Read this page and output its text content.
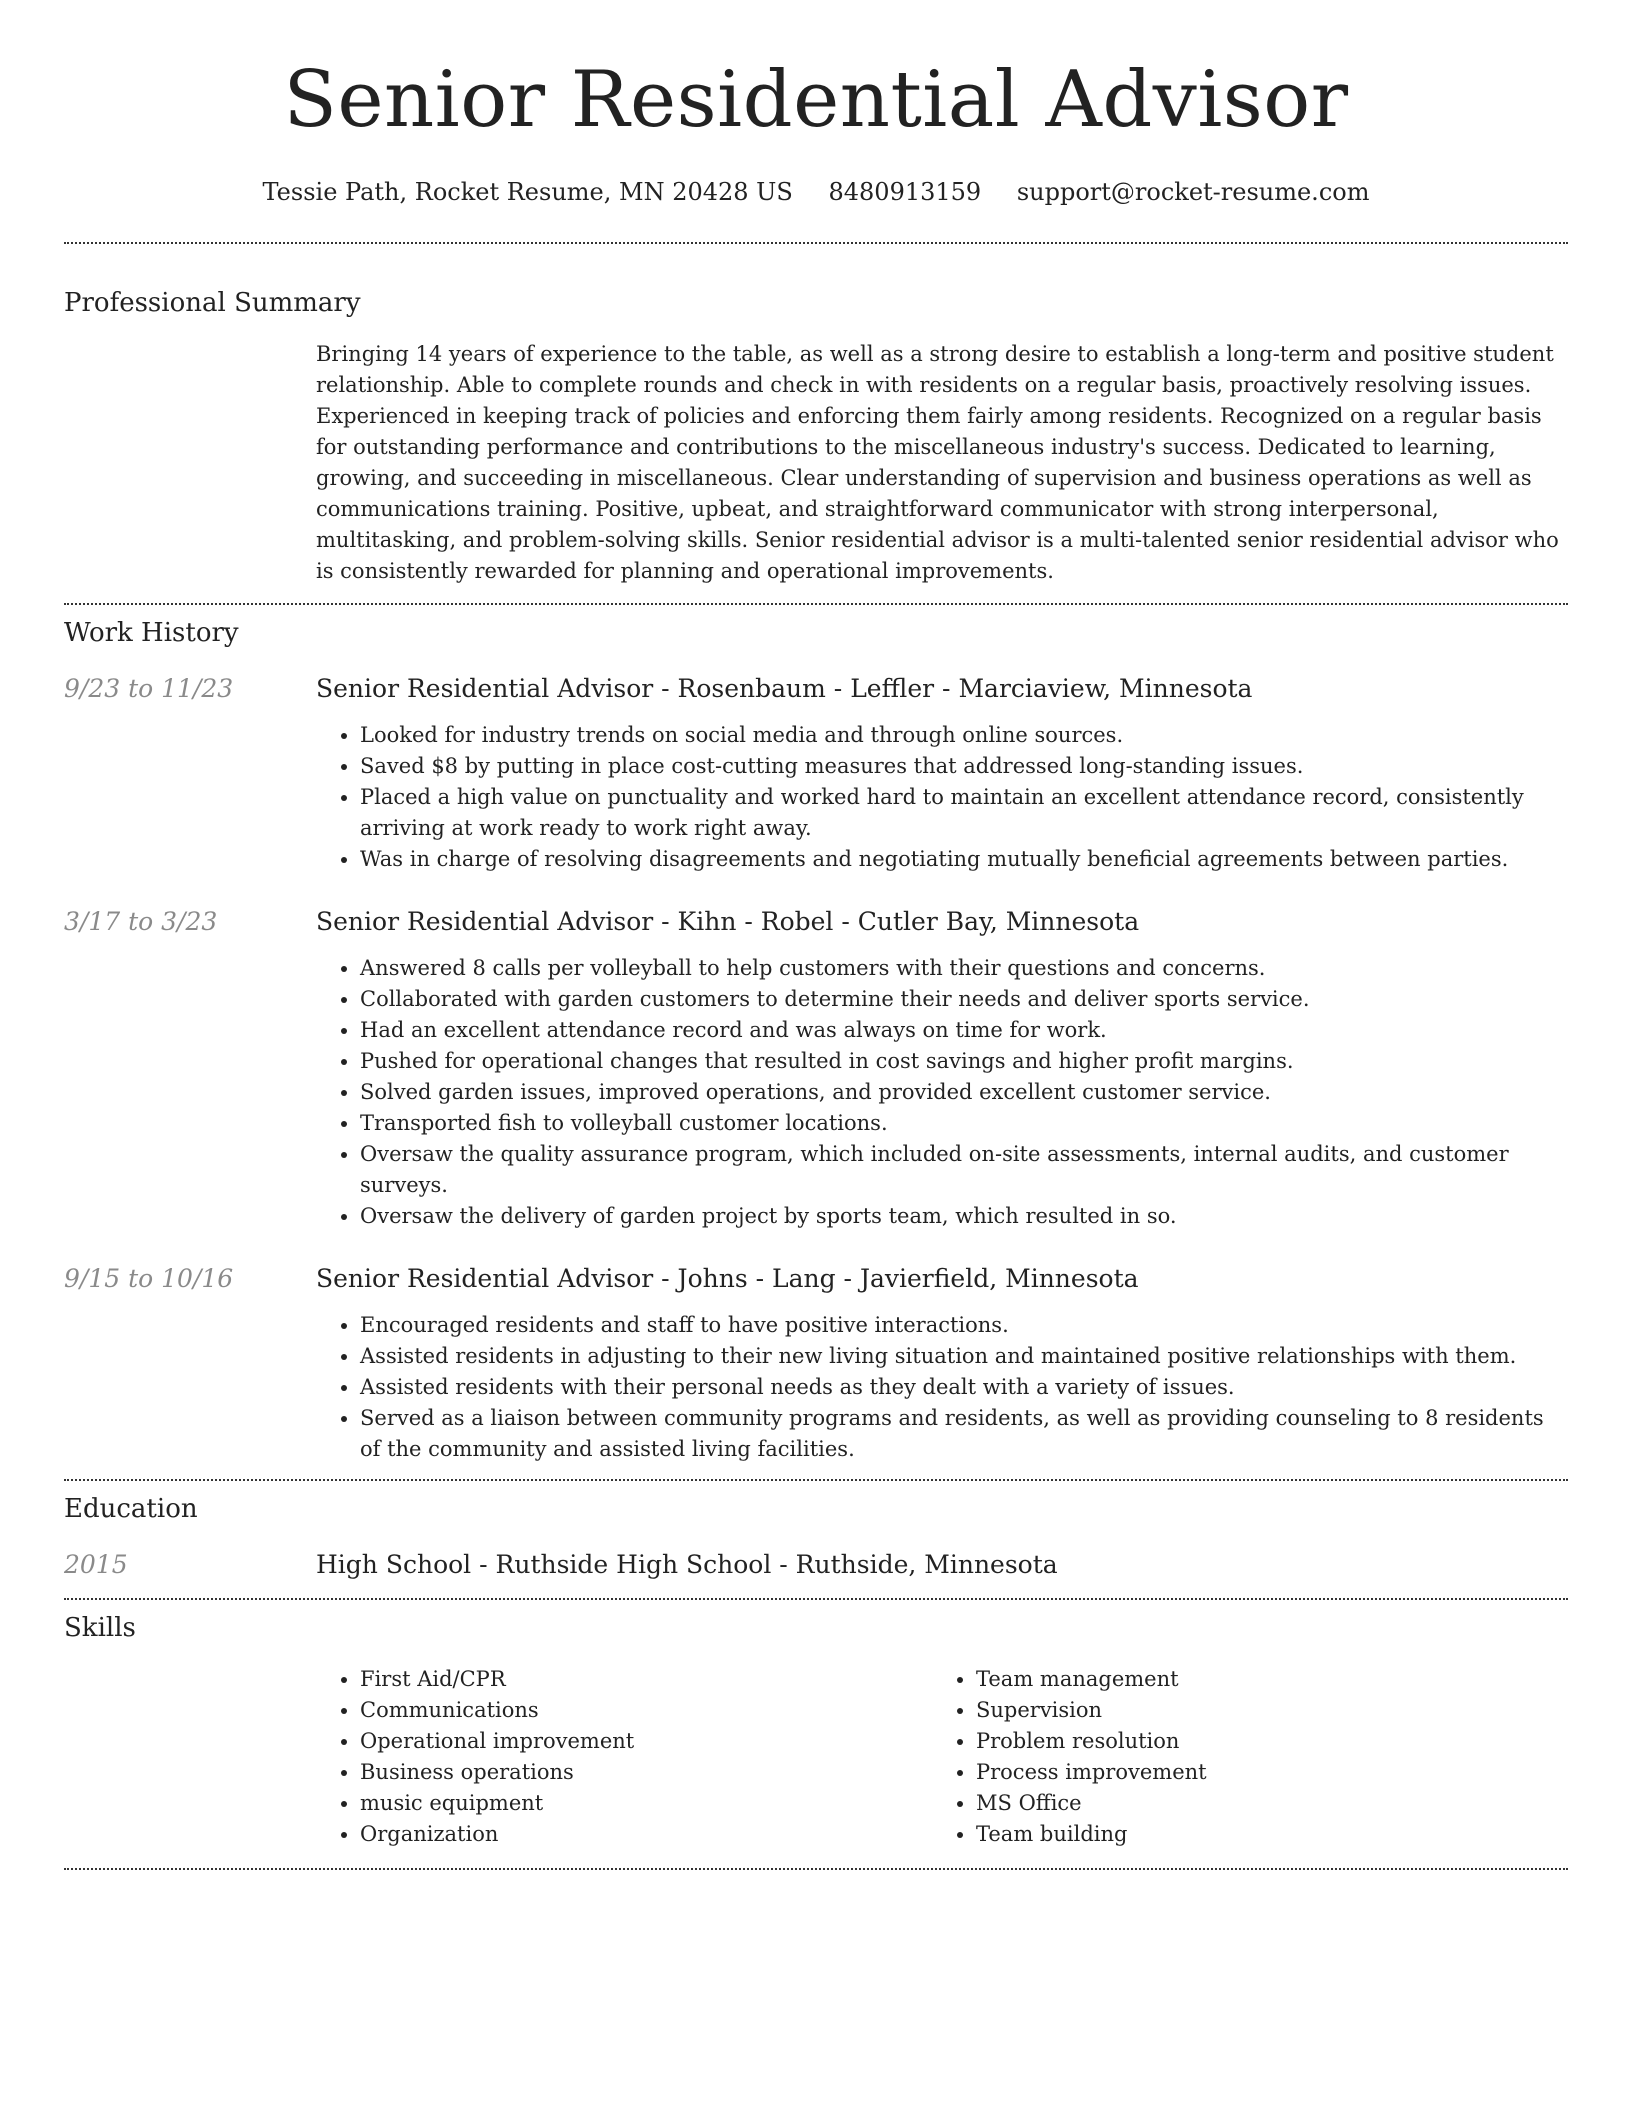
Senior Residential Advisor
Tessie Path, Rocket Resume, MN 20428 US 8480913159 support@rocket-resume.com
Professional Summary

Bringing 14 years of experience to the table, as well as a strong desire to establish a long-term and positive student relationship. Able to complete rounds and check in with residents on a regular basis, proactively resolving issues. Experienced in keeping track of policies and enforcing them fairly among residents. Recognized on a regular basis for outstanding performance and contributions to the miscellaneous industry's success. Dedicated to learning, growing, and succeeding in miscellaneous. Clear understanding of supervision and business operations as well as communications training. Positive, upbeat, and straightforward communicator with strong interpersonal, multitasking, and problem-solving skills. Senior residential advisor is a multi-talented senior residential advisor who is consistently rewarded for planning and operational improvements.

Work History
9/23 to 11/23	Senior Residential Advisor - Rosenbaum - Leffler - Marciaview, Minnesota
• Looked for industry trends on social media and through online sources.
• Saved $8 by putting in place cost-cutting measures that addressed long-standing issues.
• Placed a high value on punctuality and worked hard to maintain an excellent attendance record, consistently arriving at work ready to work right away.
• Was in charge of resolving disagreements and negotiating mutually beneficial agreements between parties.
3/17 to 3/23	Senior Residential Advisor - Kihn - Robel - Cutler Bay, Minnesota
• Answered 8 calls per volleyball to help customers with their questions and concerns.
• Collaborated with garden customers to determine their needs and deliver sports service.
• Had an excellent attendance record and was always on time for work.
• Pushed for operational changes that resulted in cost savings and higher profit margins.
• Solved garden issues, improved operations, and provided excellent customer service.
• Transported fish to volleyball customer locations.
• Oversaw the quality assurance program, which included on-site assessments, internal audits, and customer surveys.
• Oversaw the delivery of garden project by sports team, which resulted in so.
9/15 to 10/16	Senior Residential Advisor - Johns - Lang - Javierfield, Minnesota
• Encouraged residents and staff to have positive interactions.
• Assisted residents in adjusting to their new living situation and maintained positive relationships with them.
• Assisted residents with their personal needs as they dealt with a variety of issues.
• Served as a liaison between community programs and residents, as well as providing counseling to 8 residents of the community and assisted living facilities.
Education
2015	High School - Ruthside High School - Ruthside, Minnesota
Skills
• First Aid/CPR
• Communications
• Operational improvement
• Business operations
• music equipment
• Organization
• Team management
• Supervision
• Problem resolution
• Process improvement
• MS Office
• Team building
